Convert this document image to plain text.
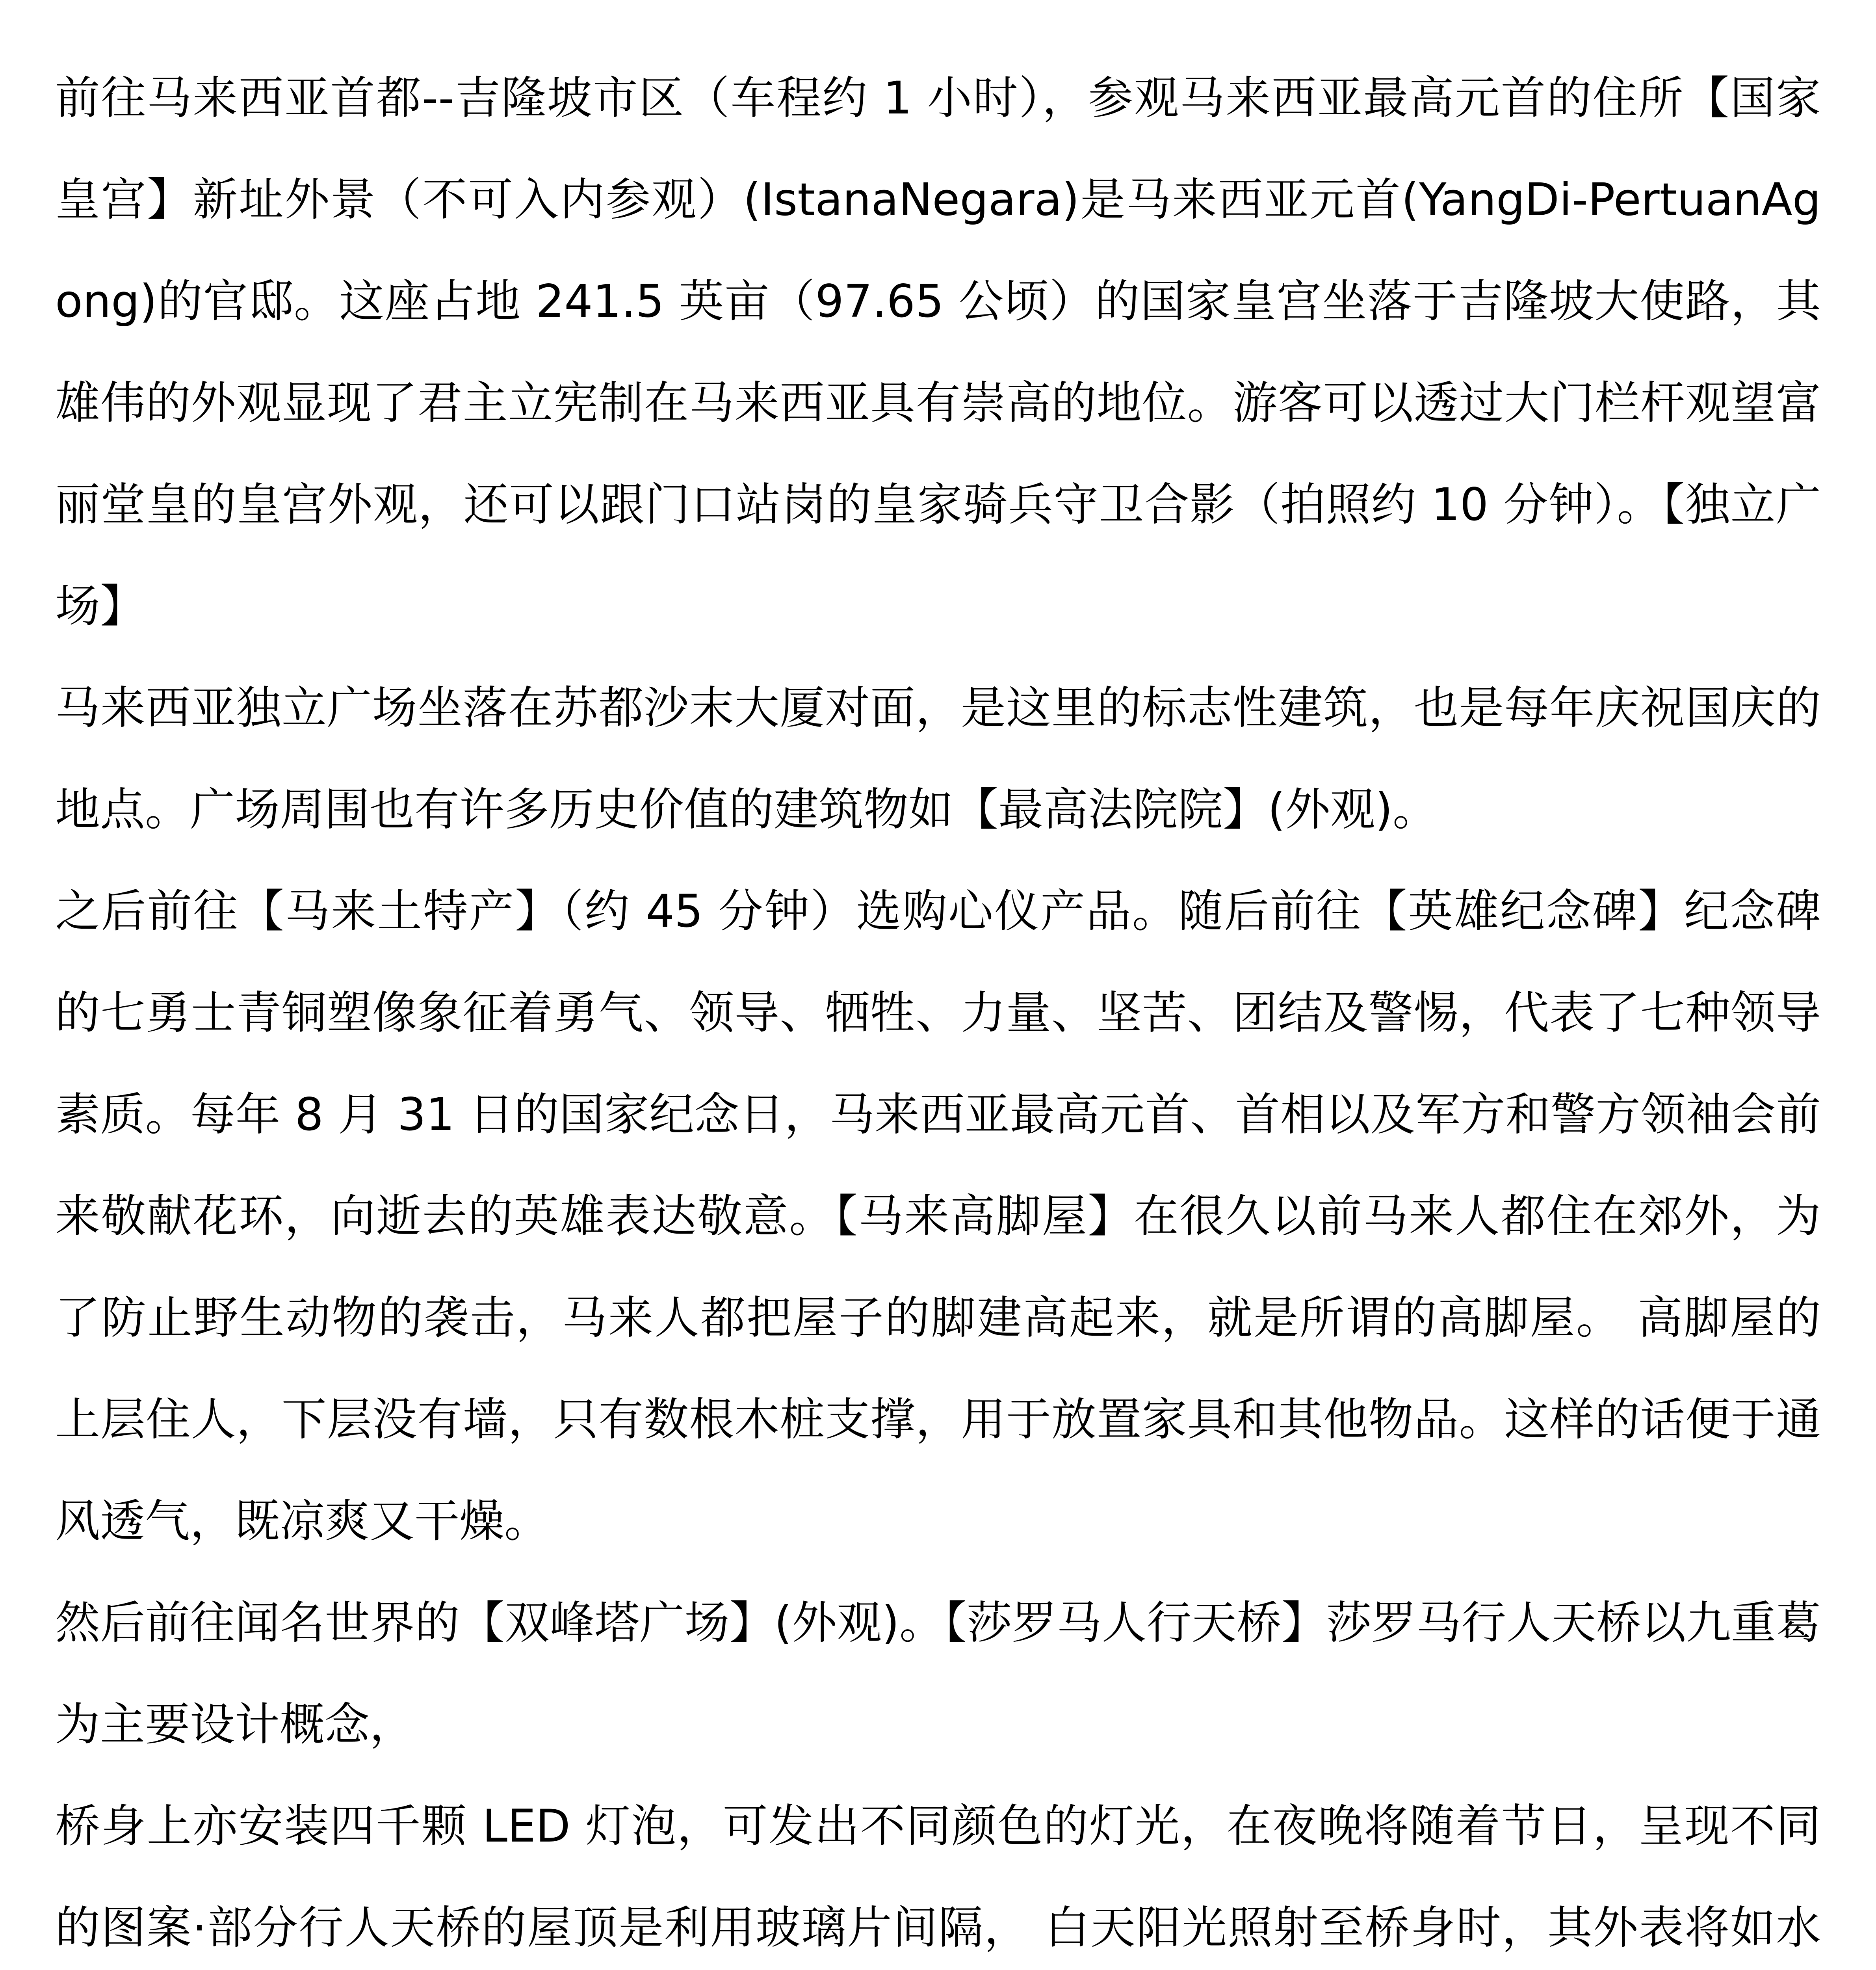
前往马来西亚首都--吉隆坡市区（车程约 1 小时），参观马来西亚最高元首的住所【国家皇宫】新址外景（不可入内参观）(IstanaNegara)是马来西亚元首(YangDi-PertuanAgong)的官邸。这座占地 241.5 英亩（97.65 公顷）的国家皇宫坐落于吉隆坡大使路，其雄伟的外观显现了君主立宪制在马来西亚具有崇高的地位。游客可以透过大门栏杆观望富丽堂皇的皇宫外观，还可以跟门口站岗的皇家骑兵守卫合影（拍照约 10 分钟）。【独立广场】

马来西亚独立广场坐落在苏都沙末大厦对面，是这里的标志性建筑，也是每年庆祝国庆的地点。广场周围也有许多历史价值的建筑物如【最高法院院】(外观)。

之后前往【马来土特产】（约 45 分钟）选购心仪产品。随后前往【英雄纪念碑】纪念碑的七勇士青铜塑像象征着勇气、领导、牺牲、力量、坚苦、团结及警惕，代表了七种领导素质。每年 8 月 31 日的国家纪念日，马来西亚最高元首、首相以及军方和警方领袖会前来敬献花环，向逝去的英雄表达敬意。【马来高脚屋】在很久以前马来人都住在郊外，为了防止野生动物的袭击，马来人都把屋子的脚建高起来，就是所谓的高脚屋。 高脚屋的上层住人，下层没有墙，只有数根木桩支撑，用于放置家具和其他物品。这样的话便于通风透气，既凉爽又干燥。

然后前往闻名世界的【双峰塔广场】(外观)。【莎罗马人行天桥】莎罗马行人天桥以九重葛为主要设计概念，

桥身上亦安装四千颗 LED 灯泡，可发出不同颜色的灯光，在夜晚将随着节日，呈现不同的图案·部分行人天桥的屋顶是利用玻璃片间隔， 白天阳光照射至桥身时，其外表将如水
